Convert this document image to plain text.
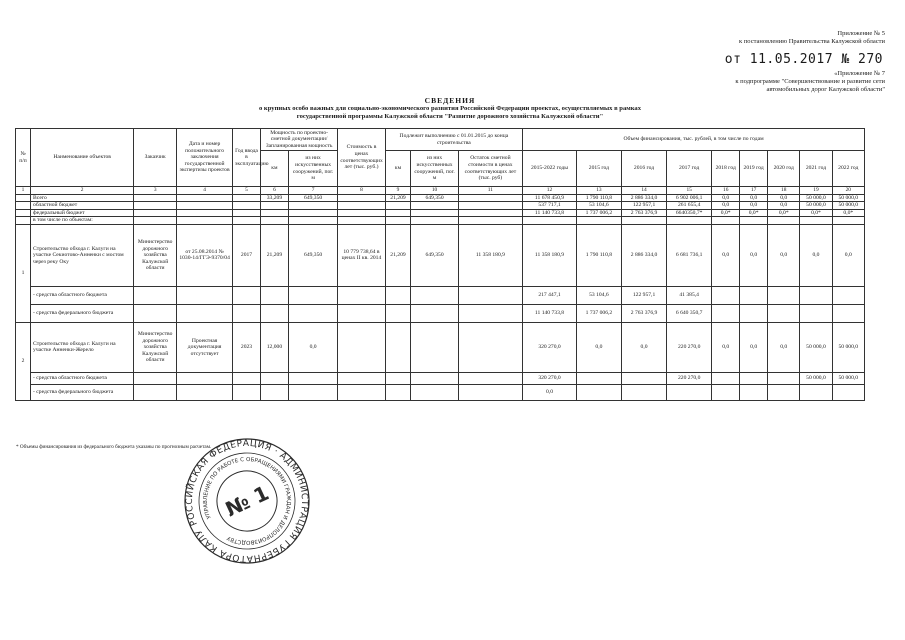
Приложение № 5
к постановлению Правительства Калужской области
от 11.05.2017 № 270
«Приложение № 7
к подпрограмме "Совершенствование и развитие сети
автомобильных дорог Калужской области"
СВЕДЕНИЯ
о крупных особо важных для социально-экономического развития Российской Федерации проектах, осуществляемых в рамках
государственной программы Калужской области "Развитие дорожного хозяйства Калужской области"
№ п/п	Наименование объектов	Заказчик	Дата и номер положительного заключения государственной экспертизы проектов	Год ввода в эксплуатацию	Мощность по проектно-сметной документации/ Запланированная мощность		Стоимость в ценах соответствующих лет (тыс. руб.)	Подлежит выполнению с 01.01.2015 до конца строительства			Объем финансирования, тыс. рублей, в том числе по годам								
					км	из них искусственных сооружений, пог. м		км	из них искусственных сооружений, пог. м	Остаток сметной стоимости в ценах соответствующих лет (тыс. руб)	2015-2022 годы	2015 год	2016 год	2017 год	2018 год	2019 год	2020 год	2021 год	2022 год
1	2	3	4	5	6	7	8	9	10	11	12	13	14	15	16	17	18	19	20
	Всего				33,209	649,350		21,209	649,350		11 678 450,9	1 790 110,8	2 886 334,0	6 902 006,1	0,0	0,0	0,0	50 000,0	50 000,0
	областной бюджет										537 717,1	53 104,6	122 957,1	261 655,4	0,0	0,0	0,0	50 000,0	50 000,0
	федеральный бюджет										11 140 733,8	1 737 006,2	2 763 376,9	6640350,7*	0,0*	0,0*	0,0*	0,0*	0,0*
	в том числе по объектам:																		
1	Строительство обхода г. Калуги на участке Секиотово-Анненки с мостом через реку Оку	Министерство дорожного хозяйства Калужской области	от 25.08.2014 № 1030-14/ГГЭ-9370/04	2017	21,209	649,350	10 779 738,64 в ценах II кв. 2014	21,209	649,350	11 358 180,9	11 358 180,9	1 790 110,8	2 886 334,0	6 681 736,1	0,0	0,0	0,0	0,0	0,0
	- средства областного бюджета										217 447,1	53 104,6	122 957,1	41 385,4					
	- средства федерального бюджета										11 140 733,8	1 737 006,2	2 763 376,9	6 640 350,7					
2	Строительство обхода г. Калуги на участке Анненки-Жерело	Министерство дорожного хозяйства Калужской области	Проектная документация отсутствует	2023	12,000	0,0					320 270,0	0,0	0,0	220 270,0	0,0	0,0	0,0	50 000,0	50 000,0
	- средства областного бюджета										320 270,0			220 270,0				50 000,0	50 000,0
	- средства федерального бюджета										0,0								
* Объемы финансирования из федерального бюджета указаны по прогнозным расчетам.
РОССИЙСКАЯ ФЕДЕРАЦИЯ · АДМИНИСТРАЦИЯ ГУБЕРНАТОРА КАЛУЖСКОЙ
УПРАВЛЕНИЕ ПО РАБОТЕ С ОБРАЩЕНИЯМИ ГРАЖДАН И ДЕЛОПРОИЗВОДСТВУ
№ 1
